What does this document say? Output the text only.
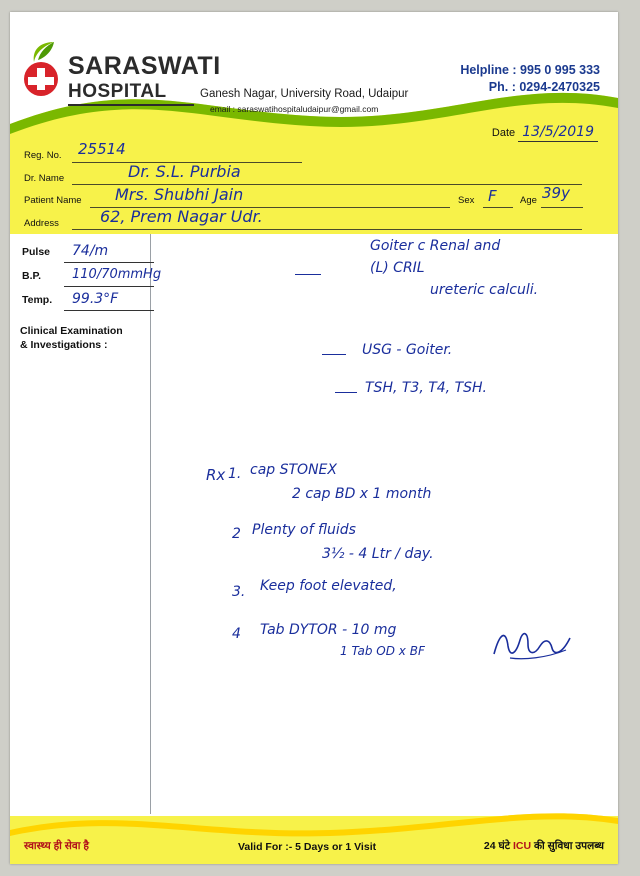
SARASWATI
HOSPITAL	Ganesh Nagar, University Road, Udaipur
email : saraswatihospitaludaipur@gmail.com
Helpline : 995 0 995 333
Ph. : 0294-2470325
Date 13/5/2019
Reg. No. 25514
Dr. Name	Dr. S.L. Purbia
Patient Name Mrs. Shubhi Jain	Sex F Age 39y
Address	62, Prem Nagar Udr.
Pulse 74/m
B.P. 110/70mmHg
Temp. 99.3°F
Clinical Examination
& Investigations :
Goiter c Renal and
(L) CRIL
ureteric calculi.
USG - Goiter.
TSH, T3, T4, TSH.
Rx 1. cap STONEX
2 cap BD x 1 month
2 Plenty of fluids
3½ - 4 Ltr / day.
3. Keep foot elevated,
4 Tab DYTOR - 10 mg
1 Tab OD x BF
स्वास्थ्य ही सेवा है	Valid For :- 5 Days or 1 Visit	24 घंटे ICU की सुविधा उपलब्ध
